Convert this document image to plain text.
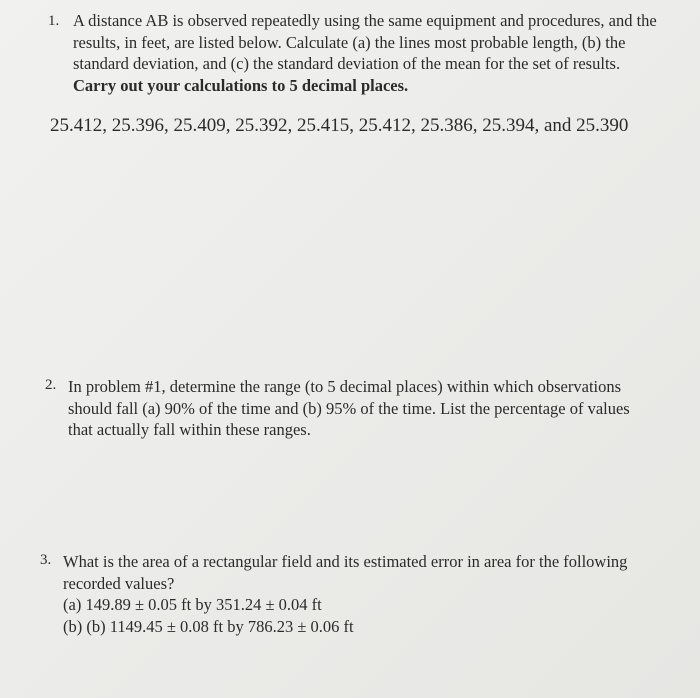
1. A distance AB is observed repeatedly using the same equipment and procedures, and the
results, in feet, are listed below. Calculate (a) the lines most probable length, (b) the
standard deviation, and (c) the standard deviation of the mean for the set of results.
Carry out your calculations to 5 decimal places.
25.412, 25.396, 25.409, 25.392, 25.415, 25.412, 25.386, 25.394, and 25.390
2. In problem #1, determine the range (to 5 decimal places) within which observations
should fall (a) 90% of the time and (b) 95% of the time. List the percentage of values
that actually fall within these ranges.
3. What is the area of a rectangular field and its estimated error in area for the following
recorded values?
(a) 149.89 ± 0.05 ft by 351.24 ± 0.04 ft
(b) (b) 1149.45 ± 0.08 ft by 786.23 ± 0.06 ft
